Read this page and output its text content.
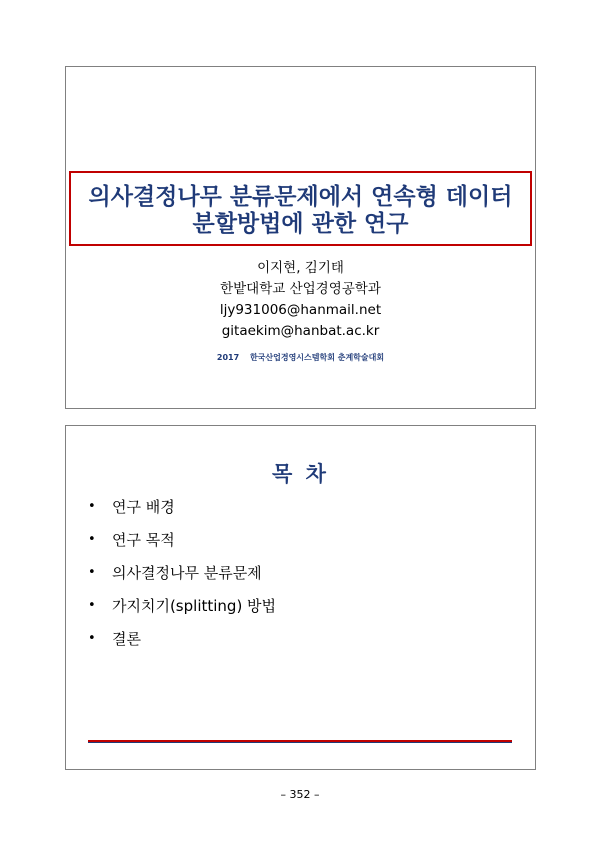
의사결정나무 분류문제에서 연속형 데이터
분할방법에 관한 연구
이지현, 김기태
한밭대학교 산업경영공학과
ljy931006@hanmail.net
gitaekim@hanbat.ac.kr
2017 한국산업경영시스템학회 춘계학술대회
목 차
•	연구 배경
•	연구 목적
•	의사결정나무 분류문제
•	가지치기(splitting) 방법
•	결론
– 352 –
